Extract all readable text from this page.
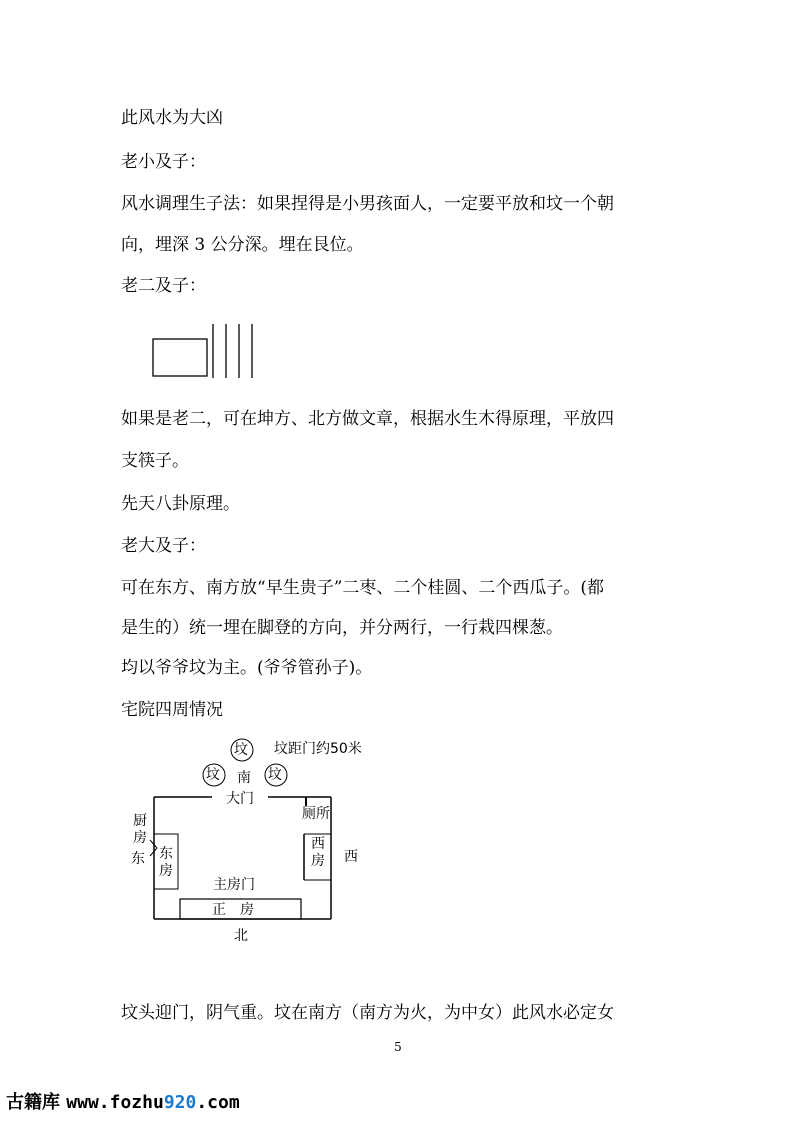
此风水为大凶
老小及子：
风水调理生子法：如果捏得是小男孩面人，一定要平放和坟一个朝
向，埋深 3 公分深。埋在艮位。
老二及子：
如果是老二，可在坤方、北方做文章，根据水生木得原理，平放四
支筷子。
先天八卦原理。
老大及子：
可在东方、南方放“早生贵子”二枣、二个桂圆、二个西瓜子。(都
是生的）统一埋在脚登的方向，并分两行，一行栽四棵葱。
均以爷爷坟为主。(爷爷管孙子)。
宅院四周情况
坟
坟	坟
坟距门约50米
南
大门
厕所
厨房
东 东房
西房 西
主房门
正　房
北
坟头迎门，阴气重。坟在南方（南方为火，为中女）此风水必定女
5
古籍库 www.fozhu920.com
